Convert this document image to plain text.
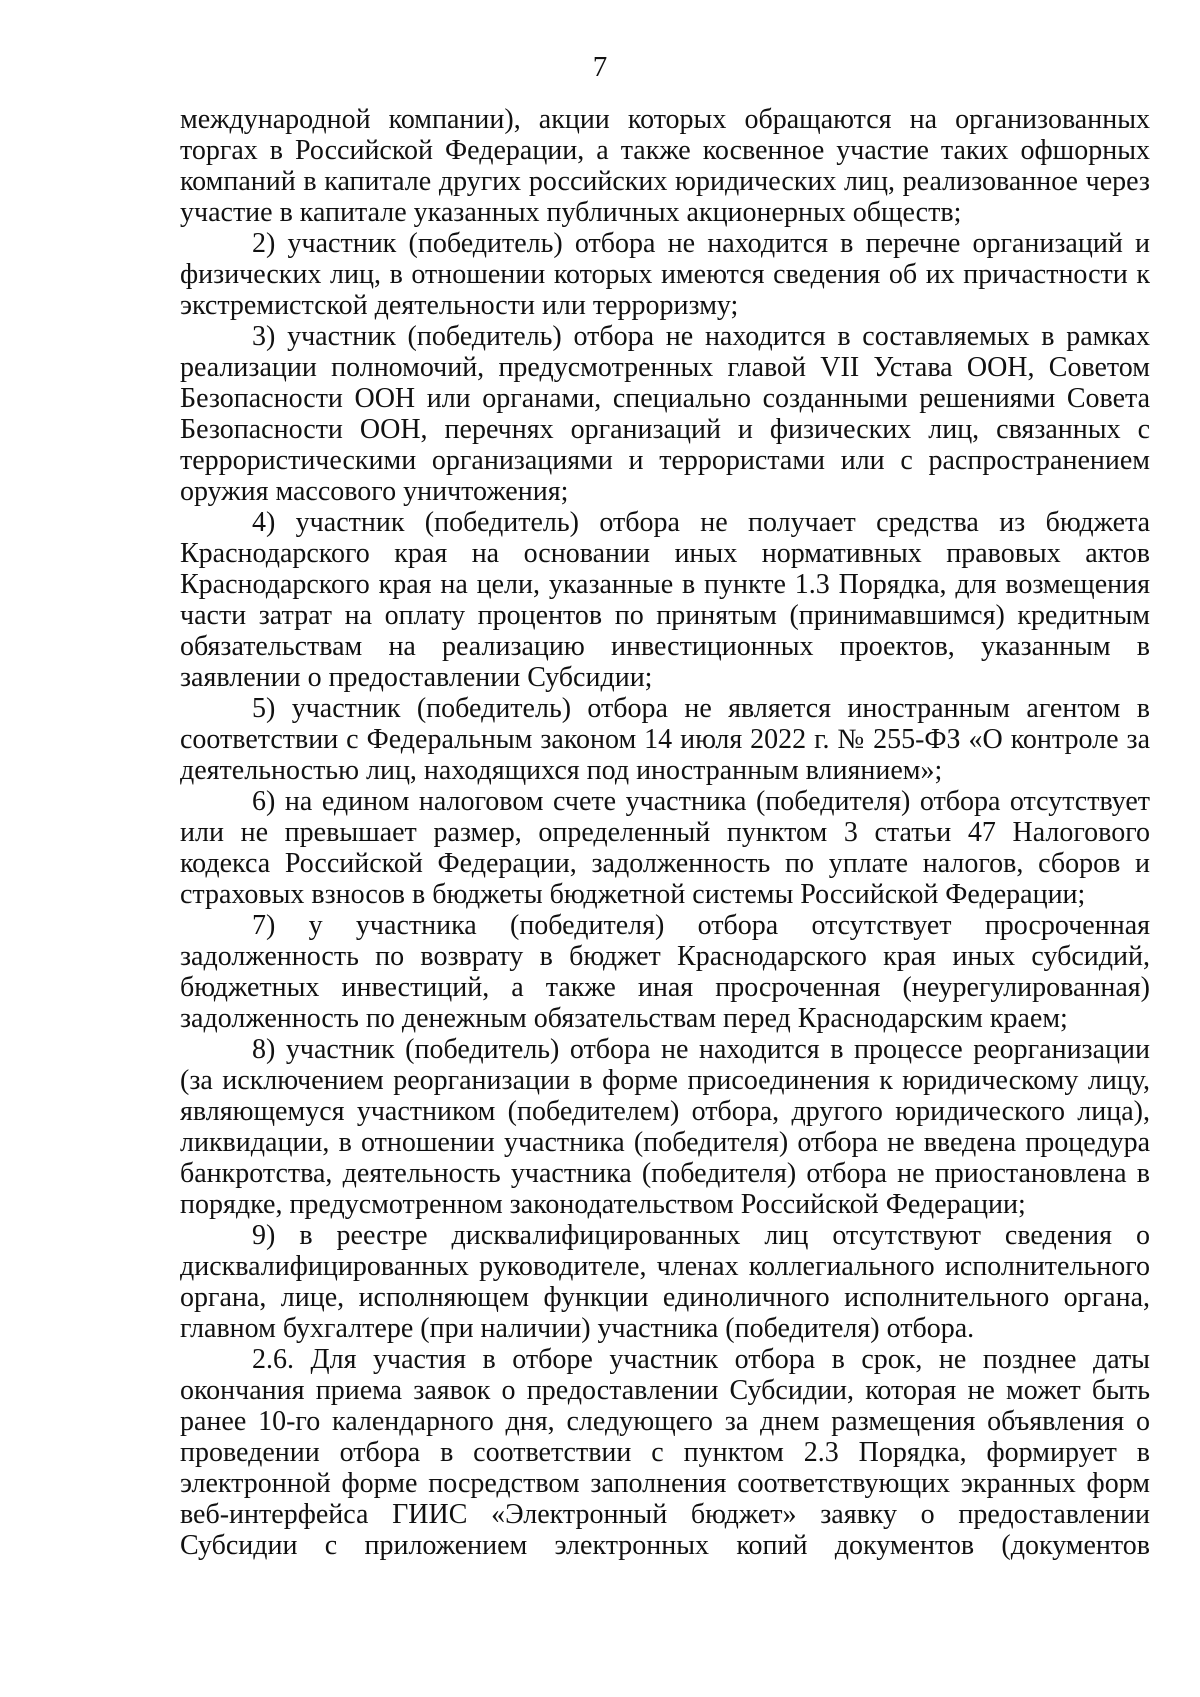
7

международной компании), акции которых обращаются на организованных торгах в Российской Федерации, а также косвенное участие таких офшорных компаний в капитале других российских юридических лиц, реализованное через участие в капитале указанных публичных акционерных обществ;

2) участник (победитель) отбора не находится в перечне организаций и физических лиц, в отношении которых имеются сведения об их причастности к экстремистской деятельности или терроризму;

3) участник (победитель) отбора не находится в составляемых в рамках реализации полномочий, предусмотренных главой VII Устава ООН, Советом Безопасности ООН или органами, специально созданными решениями Совета Безопасности ООН, перечнях организаций и физических лиц, связанных с террористическими организациями и террористами или с распространением оружия массового уничтожения;

4) участник (победитель) отбора не получает средства из бюджета Краснодарского края на основании иных нормативных правовых актов Краснодарского края на цели, указанные в пункте 1.3 Порядка, для возмещения части затрат на оплату процентов по принятым (принимавшимся) кредитным обязательствам на реализацию инвестиционных проектов, указанным в заявлении о предоставлении Субсидии;

5) участник (победитель) отбора не является иностранным агентом в соответствии с Федеральным законом 14 июля 2022 г. № 255-ФЗ «О контроле за деятельностью лиц, находящихся под иностранным влиянием»;

6) на едином налоговом счете участника (победителя) отбора отсутствует или не превышает размер, определенный пунктом 3 статьи 47 Налогового кодекса Российской Федерации, задолженность по уплате налогов, сборов и страховых взносов в бюджеты бюджетной системы Российской Федерации;

7) у участника (победителя) отбора отсутствует просроченная задолженность по возврату в бюджет Краснодарского края иных субсидий, бюджетных инвестиций, а также иная просроченная (неурегулированная) задолженность по денежным обязательствам перед Краснодарским краем;

8) участник (победитель) отбора не находится в процессе реорганизации (за исключением реорганизации в форме присоединения к юридическому лицу, являющемуся участником (победителем) отбора, другого юридического лица), ликвидации, в отношении участника (победителя) отбора не введена процедура банкротства, деятельность участника (победителя) отбора не приостановлена в порядке, предусмотренном законодательством Российской Федерации;

9) в реестре дисквалифицированных лиц отсутствуют сведения о дисквалифицированных руководителе, членах коллегиального исполнительного органа, лице, исполняющем функции единоличного исполнительного органа, главном бухгалтере (при наличии) участника (победителя) отбора.

2.6. Для участия в отборе участник отбора в срок, не позднее даты окончания приема заявок о предоставлении Субсидии, которая не может быть ранее 10-го календарного дня, следующего за днем размещения объявления о проведении отбора в соответствии с пунктом 2.3 Порядка, формирует в электронной форме посредством заполнения соответствующих экранных форм веб-интерфейса ГИИС «Электронный бюджет» заявку о предоставлении Субсидии с приложением электронных копий документов (документов
